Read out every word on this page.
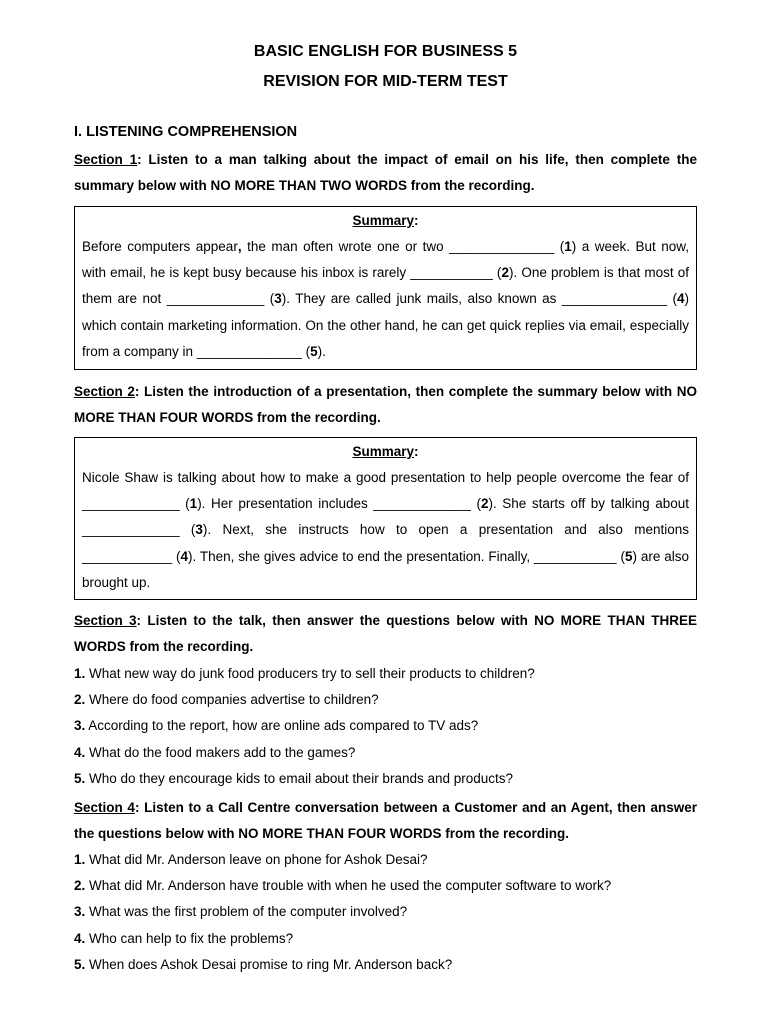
BASIC ENGLISH FOR BUSINESS 5
REVISION FOR MID-TERM TEST
I. LISTENING COMPREHENSION
Section 1: Listen to a man talking about the impact of email on his life, then complete the summary below with NO MORE THAN TWO WORDS from the recording.
Summary:
Before computers appear, the man often wrote one or two ______________ (1) a week. But now, with email, he is kept busy because his inbox is rarely ___________ (2). One problem is that most of them are not _____________ (3). They are called junk mails, also known as ______________ (4) which contain marketing information. On the other hand, he can get quick replies via email, especially from a company in ______________ (5).
Section 2: Listen the introduction of a presentation, then complete the summary below with NO MORE THAN FOUR WORDS from the recording.
Summary:
Nicole Shaw is talking about how to make a good presentation to help people overcome the fear of _____________ (1). Her presentation includes _____________ (2). She starts off by talking about _____________ (3). Next, she instructs how to open a presentation and also mentions ____________ (4). Then, she gives advice to end the presentation. Finally, ___________ (5) are also brought up.
Section 3: Listen to the talk, then answer the questions below with NO MORE THAN THREE WORDS from the recording.
1. What new way do junk food producers try to sell their products to children?
2. Where do food companies advertise to children?
3. According to the report, how are online ads compared to TV ads?
4. What do the food makers add to the games?
5. Who do they encourage kids to email about their brands and products?
Section 4: Listen to a Call Centre conversation between a Customer and an Agent, then answer the questions below with NO MORE THAN FOUR WORDS from the recording.
1. What did Mr. Anderson leave on phone for Ashok Desai?
2. What did Mr. Anderson have trouble with when he used the computer software to work?
3. What was the first problem of the computer involved?
4. Who can help to fix the problems?
5. When does Ashok Desai promise to ring Mr. Anderson back?
